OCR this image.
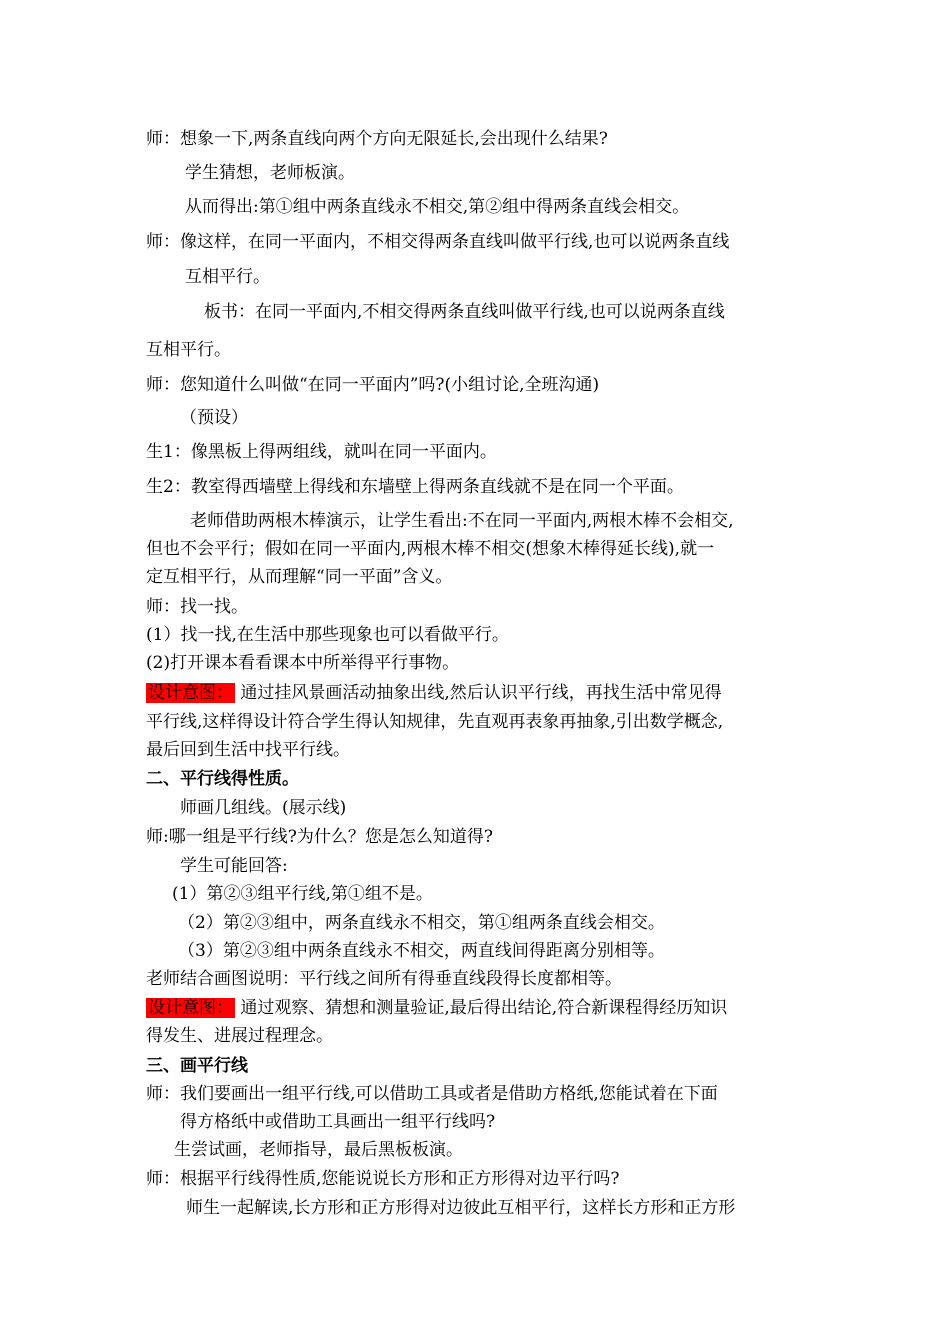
师：想象一下,两条直线向两个方向无限延长,会出现什么结果?
学生猜想，老师板演。
从而得出:第①组中两条直线永不相交,第②组中得两条直线会相交。
师：像这样，在同一平面内，不相交得两条直线叫做平行线,也可以说两条直线
互相平行。
板书：在同一平面内,不相交得两条直线叫做平行线,也可以说两条直线
互相平行。
师：您知道什么叫做“在同一平面内”吗?(小组讨论,全班沟通)
（预设）
生1：像黑板上得两组线，就叫在同一平面内。
生2：教室得西墙壁上得线和东墙壁上得两条直线就不是在同一个平面。
老师借助两根木棒演示，让学生看出:不在同一平面内,两根木棒不会相交,
但也不会平行；假如在同一平面内,两根木棒不相交(想象木棒得延长线),就一
定互相平行，从而理解“同一平面”含义。
师：找一找。
(1）找一找,在生活中那些现象也可以看做平行。
(2)打开课本看看课本中所举得平行事物。
设计意图： 通过挂风景画活动抽象出线,然后认识平行线，再找生活中常见得
平行线,这样得设计符合学生得认知规律，先直观再表象再抽象,引出数学概念,
最后回到生活中找平行线。
二、平行线得性质。
师画几组线。(展示线)
师:哪一组是平行线?为什么？您是怎么知道得?
学生可能回答:
(1）第②③组平行线,第①组不是。
（2）第②③组中，两条直线永不相交，第①组两条直线会相交。
（3）第②③组中两条直线永不相交，两直线间得距离分别相等。
老师结合画图说明：平行线之间所有得垂直线段得长度都相等。
设计意图： 通过观察、猜想和测量验证,最后得出结论,符合新课程得经历知识
得发生、进展过程理念。
三、画平行线
师：我们要画出一组平行线,可以借助工具或者是借助方格纸,您能试着在下面
得方格纸中或借助工具画出一组平行线吗?
生尝试画，老师指导，最后黑板板演。
师：根据平行线得性质,您能说说长方形和正方形得对边平行吗?
师生一起解读,长方形和正方形得对边彼此互相平行，这样长方形和正方形
